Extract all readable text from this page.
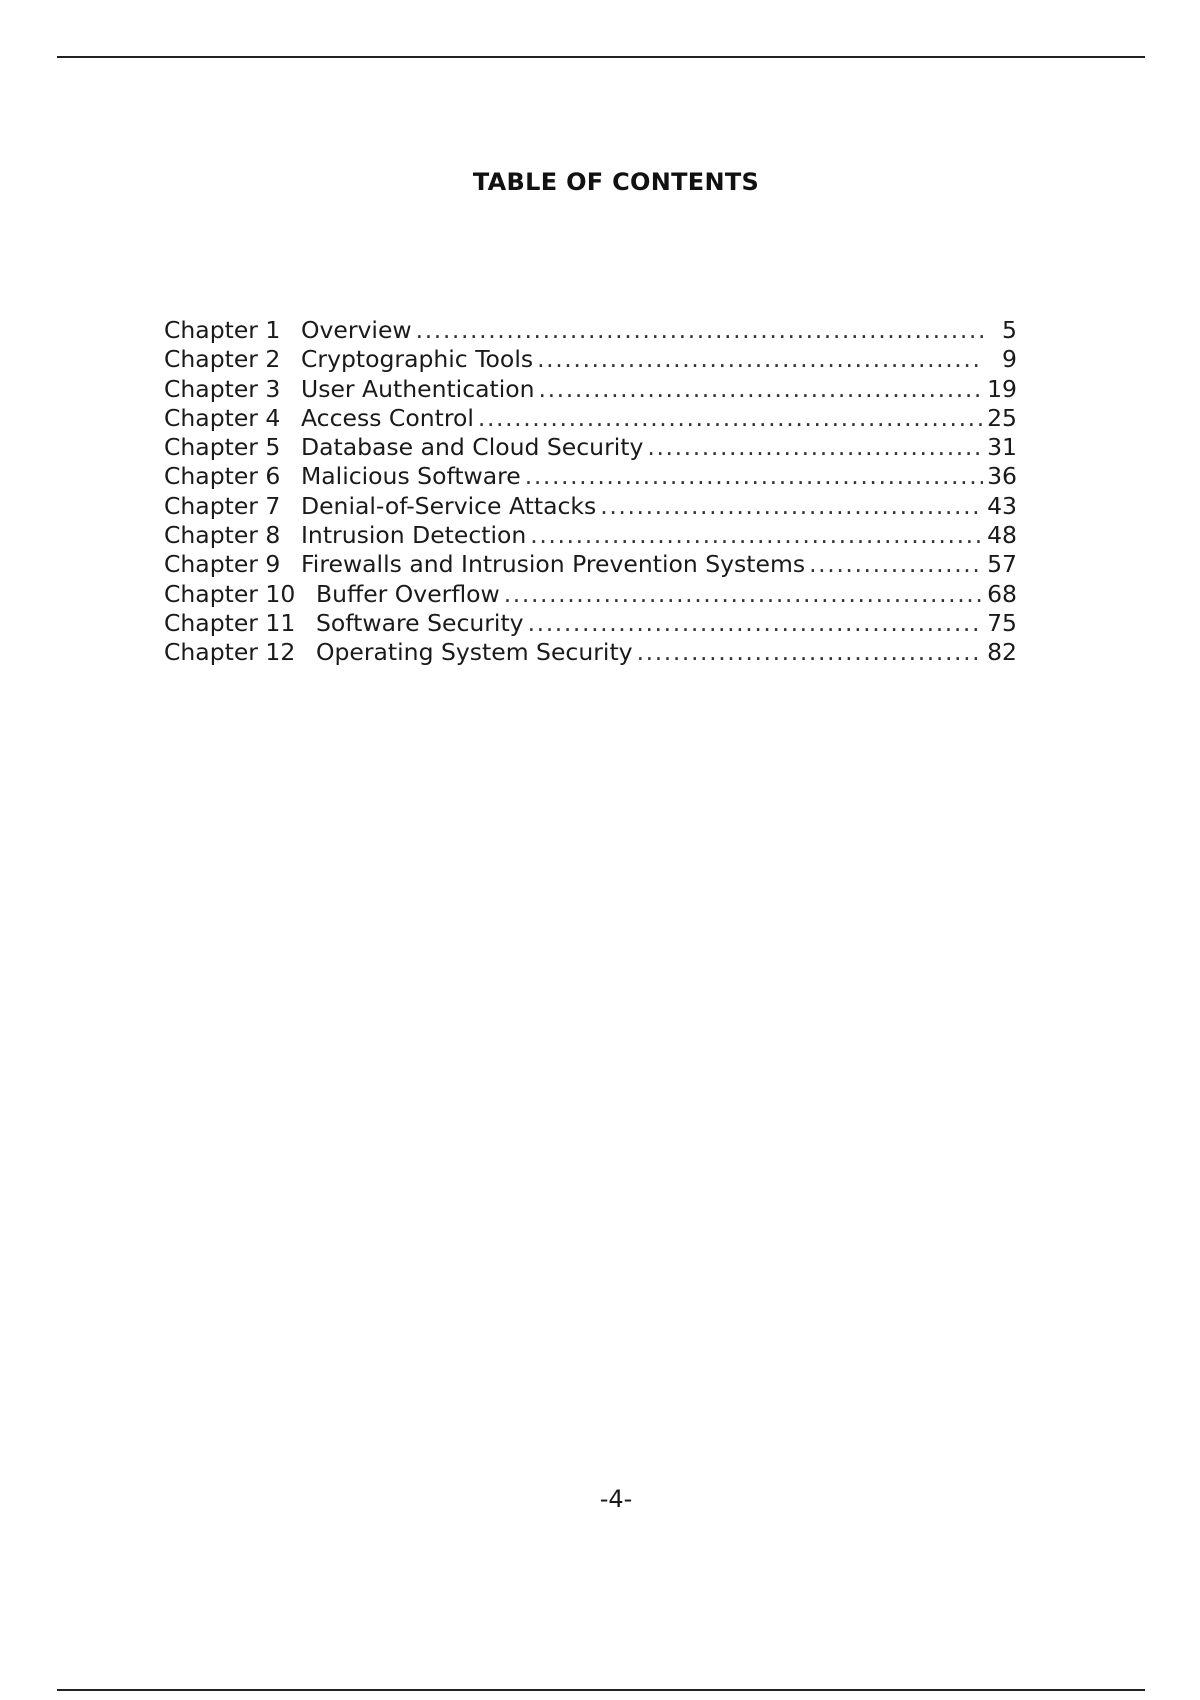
TABLE OF CONTENTS
Chapter 1 Overview .....	5
Chapter 2 Cryptographic Tools .....	9
Chapter 3 User Authentication .....	19
Chapter 4 Access Control .....	25
Chapter 5 Database and Cloud Security .....	31
Chapter 6 Malicious Software .....	36
Chapter 7 Denial-of-Service Attacks .....	43
Chapter 8 Intrusion Detection .....	48
Chapter 9 Firewalls and Intrusion Prevention Systems .....	57
Chapter 10 Buffer Overflow .....	68
Chapter 11 Software Security .....	75
Chapter 12 Operating System Security .....	82
-4-
